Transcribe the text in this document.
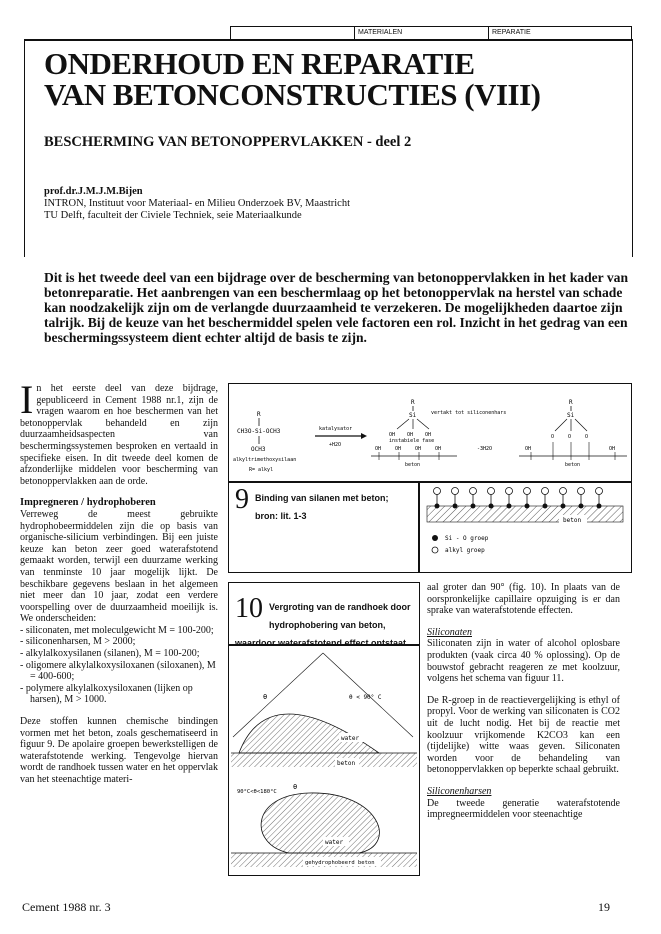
MATERIALEN	REPARATIE
ONDERHOUD EN REPARATIE
VAN BETONCONSTRUCTIES (VIII)
BESCHERMING VAN BETONOPPERVLAKKEN - deel 2
prof.dr.J.M.J.M.Bijen
INTRON, Instituut voor Materiaal- en Milieu Onderzoek BV, Maastricht
TU Delft, faculteit der Civiele Techniek, seie Materiaalkunde
Dit is het tweede deel van een bijdrage over de bescherming van betonoppervlakken in het kader van betonreparatie. Het aanbrengen van een beschermlaag op het betonoppervlak na herstel van schade kan noodzakelijk zijn om de verlangde duurzaamheid te verzekeren. De mogelijkheden daartoe zijn talrijk. Bij de keuze van het beschermiddel spelen vele factoren een rol. Inzicht in het gedrag van een beschermingssysteem dient echter altijd de basis te zijn.

In het eerste deel van deze bijdrage, gepubliceerd in Cement 1988 nr.1, zijn de vragen waarom en hoe beschermen van het betonoppervlak behandeld en zijn duurzaamheidsaspecten van beschermingssystemen besproken en vertaald in specifieke eisen. In dit tweede deel komen de afzonderlijke middelen voor bescherming van betonoppervlakken aan de orde.

Impregneren / hydrophoberen

Verreweg de meest gebruikte hydrophobeermiddelen zijn die op basis van organische-silicium verbindingen. Bij een juiste keuze kan beton zeer goed waterafstotend gemaakt worden, terwijl een duurzame werking van tenminste 10 jaar mogelijk lijkt. De beschikbare gegevens beslaan in het algemeen niet meer dan 10 jaar, zodat een verdere voorspelling over de duurzaamheid moeilijk is. We onderscheiden:

- siliconaten, met moleculgewicht M = 100-200;
- siliconenharsen, M > 2000;
- alkylalkoxysilanen (silanen), M = 100-200;
- oligomere alkylalkoxysiloxanen (siloxanen), M = 400-600;
- polymere alkylalkoxysiloxanen (lijken op harsen), M > 1000.

Deze stoffen kunnen chemische bindingen vormen met het beton, zoals geschematiseerd in figuur 9. De apolaire groepen bewerkstelligen de waterafstotende werking. Tengevolge hiervan wordt de randhoek tussen water en het oppervlak van het steenachtige materi-

R
CH3O-Si-OCH3
OCH3
alkyltrimethoxysilaan
R= alkyl
katalysator
+H2O
R
Si	vertakt tot siliconenhars
OH OH OH
instabiele fase
OH	OH	OH	OH
beton
-3H2O
R
Si
O	O	O
OH	OH
beton
9 Binding van silanen met beton; bron: lit. 1-3	beton
Si - O groep
alkyl groep
10 Vergroting van de randhoek door hydrophobering van beton, waardoor waterafstotend effect ontstaat
θ	θ < 90° C
water
beton
θ
90°C<θ<180°C
water
gehydrophobeerd beton

aal groter dan 90° (fig. 10). In plaats van de oorspronkelijke capillaire opzuiging is er dan sprake van waterafstotende effecten.

Siliconaten

Siliconaten zijn in water of alcohol oplosbare produkten (vaak circa 40 % oplossing). Op de bouwstof gebracht reageren ze met koolzuur, volgens het schema van figuur 11.

De R-groep in de reactievergelijking is ethyl of propyl. Voor de werking van siliconaten is CO2 uit de lucht nodig. Het bij de reactie met koolzuur vrijkomende K2CO3 kan een (tijdelijke) witte waas geven. Siliconaten worden voor de behandeling van betonoppervlakken op beperkte schaal gebruikt.

Siliconenharsen

De tweede generatie waterafstotende impregneermiddelen voor steenachtige

Cement 1988 nr. 3	19
